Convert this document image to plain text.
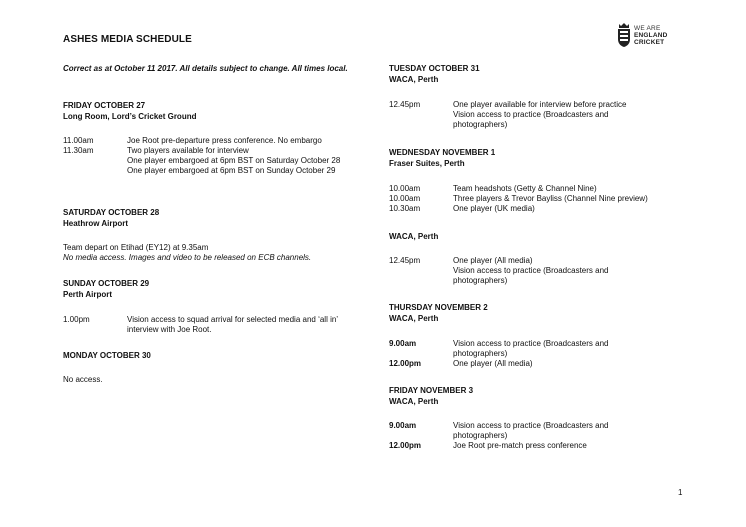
ASHES MEDIA SCHEDULE
WE ARE
ENGLAND
CRICKET
Correct as at October 11 2017. All details subject to change. All times local.
FRIDAY OCTOBER 27
Long Room, Lord’s Cricket Ground
11.00am	Joe Root pre-departure press conference. No embargo
11.30am	Two players available for interview
One player embargoed at 6pm BST on Saturday October 28
One player embargoed at 6pm BST on Sunday October 29
SATURDAY OCTOBER 28
Heathrow Airport
Team depart on Etihad (EY12) at 9.35am
No media access. Images and video to be released on ECB channels.
SUNDAY OCTOBER 29
Perth Airport
1.00pm	Vision access to squad arrival for selected media and ‘all in’ interview with Joe Root.
MONDAY OCTOBER 30
No access.
TUESDAY OCTOBER 31
WACA, Perth
12.45pm	One player available for interview before practice
Vision access to practice (Broadcasters and photographers)
WEDNESDAY NOVEMBER 1
Fraser Suites, Perth
10.00am	Team headshots (Getty & Channel Nine)
10.00am	Three players & Trevor Bayliss (Channel Nine preview)
10.30am	One player (UK media)
WACA, Perth
12.45pm	One player (All media)
Vision access to practice (Broadcasters and photographers)
THURSDAY NOVEMBER 2
WACA, Perth
9.00am	Vision access to practice (Broadcasters and photographers)
12.00pm	One player (All media)
FRIDAY NOVEMBER 3
WACA, Perth
9.00am	Vision access to practice (Broadcasters and photographers)
12.00pm	Joe Root pre-match press conference
1
